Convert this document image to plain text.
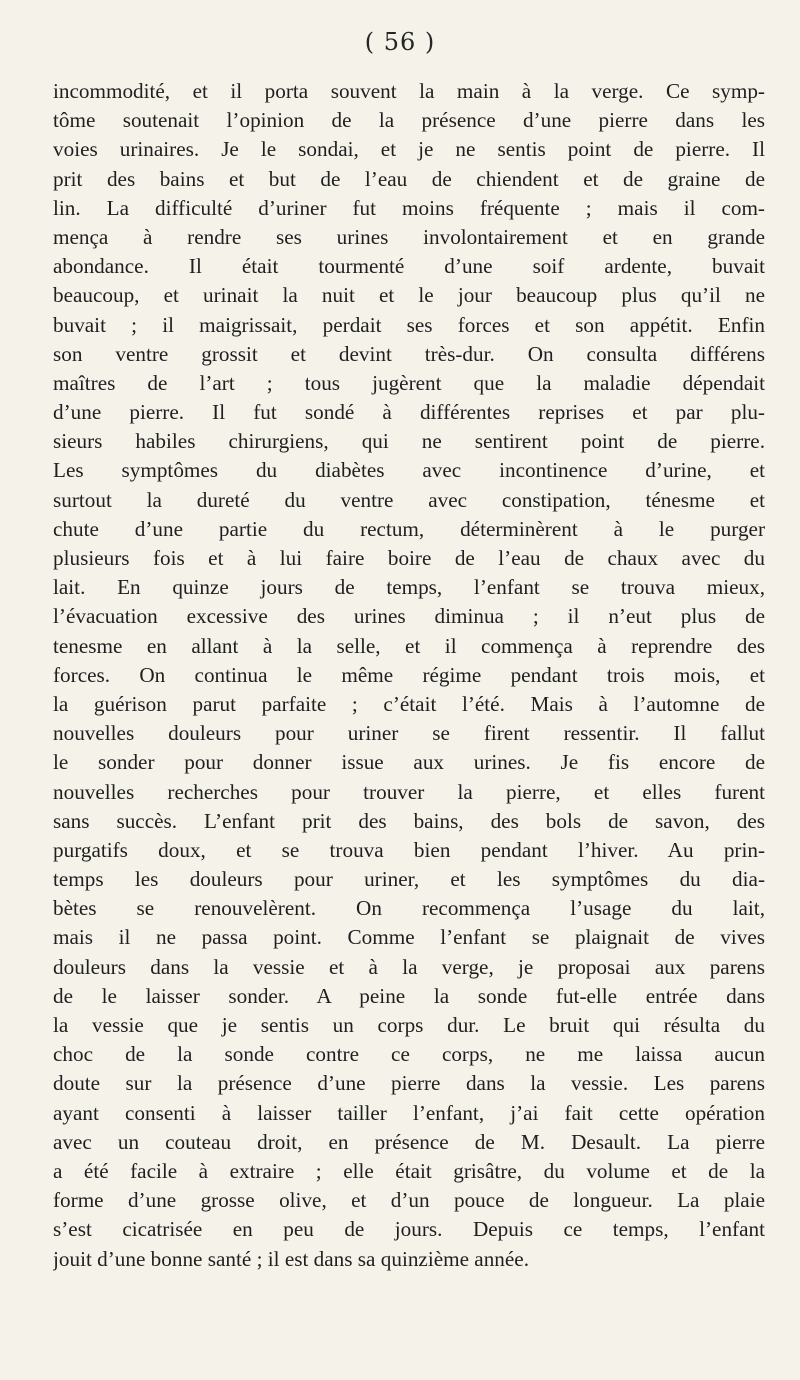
( 56 )
incommodité, et il porta souvent la main à la verge. Ce symp-
tôme soutenait l’opinion de la présence d’une pierre dans les
voies urinaires. Je le sondai, et je ne sentis point de pierre. Il
prit des bains et but de l’eau de chiendent et de graine de
lin. La difficulté d’uriner fut moins fréquente ; mais il com-
mença à rendre ses urines involontairement et en grande
abondance. Il était tourmenté d’une soif ardente, buvait
beaucoup, et urinait la nuit et le jour beaucoup plus qu’il ne
buvait ; il maigrissait, perdait ses forces et son appétit. Enfin
son ventre grossit et devint très-dur. On consulta différens
maîtres de l’art ; tous jugèrent que la maladie dépendait
d’une pierre. Il fut sondé à différentes reprises et par plu-
sieurs habiles chirurgiens, qui ne sentirent point de pierre.
Les symptômes du diabètes avec incontinence d’urine, et
surtout la dureté du ventre avec constipation, ténesme et
chute d’une partie du rectum, déterminèrent à le purger
plusieurs fois et à lui faire boire de l’eau de chaux avec du
lait. En quinze jours de temps, l’enfant se trouva mieux,
l’évacuation excessive des urines diminua ; il n’eut plus de
tenesme en allant à la selle, et il commença à reprendre des
forces. On continua le même régime pendant trois mois, et
la guérison parut parfaite ; c’était l’été. Mais à l’automne de
nouvelles douleurs pour uriner se firent ressentir. Il fallut
le sonder pour donner issue aux urines. Je fis encore de
nouvelles recherches pour trouver la pierre, et elles furent
sans succès. L’enfant prit des bains, des bols de savon, des
purgatifs doux, et se trouva bien pendant l’hiver. Au prin-
temps les douleurs pour uriner, et les symptômes du dia-
bètes se renouvelèrent. On recommença l’usage du lait,
mais il ne passa point. Comme l’enfant se plaignait de vives
douleurs dans la vessie et à la verge, je proposai aux parens
de le laisser sonder. A peine la sonde fut-elle entrée dans
la vessie que je sentis un corps dur. Le bruit qui résulta du
choc de la sonde contre ce corps, ne me laissa aucun
doute sur la présence d’une pierre dans la vessie. Les parens
ayant consenti à laisser tailler l’enfant, j’ai fait cette opération
avec un couteau droit, en présence de M. Desault. La pierre
a été facile à extraire ; elle était grisâtre, du volume et de la
forme d’une grosse olive, et d’un pouce de longueur. La plaie
s’est cicatrisée en peu de jours. Depuis ce temps, l’enfant
jouit d’une bonne santé ; il est dans sa quinzième année.
